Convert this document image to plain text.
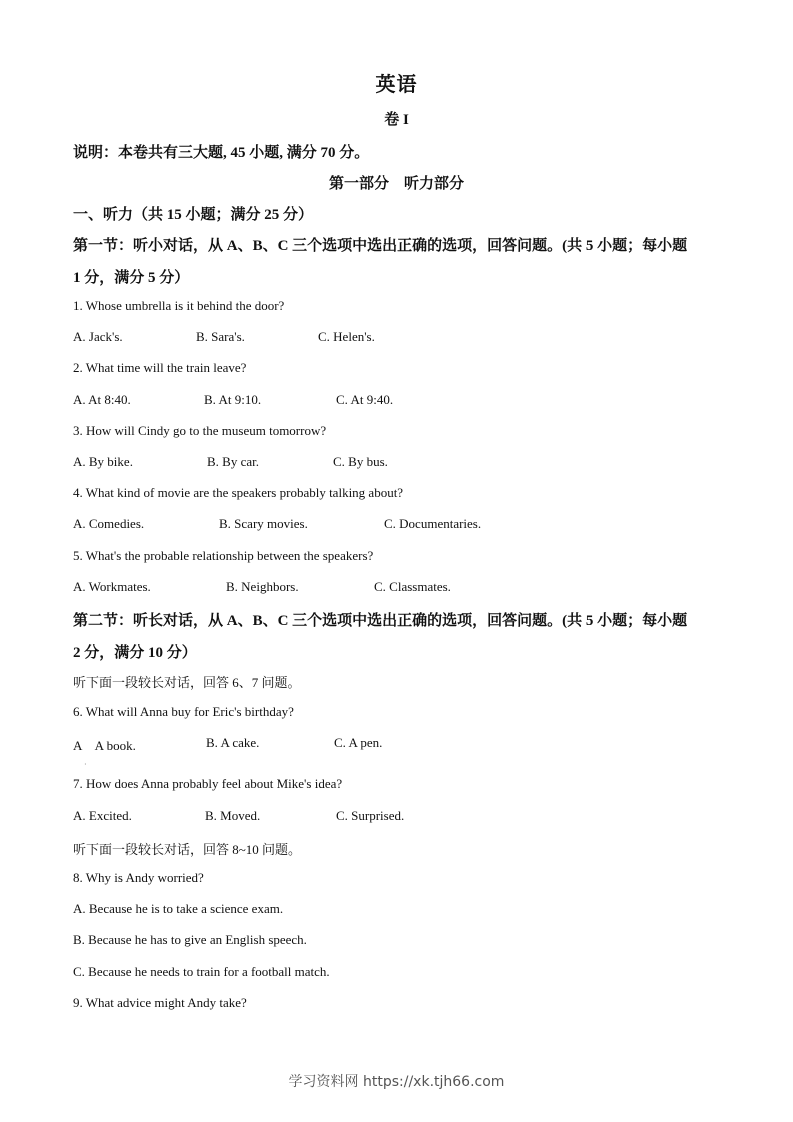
英语
卷 I
说明：本卷共有三大题, 45 小题, 满分 70 分。
第一部分　听力部分
一、听力（共 15 小题；满分 25 分）
第一节：听小对话，从 A、B、C 三个选项中选出正确的选项，回答问题。(共 5 小题；每小题
1 分，满分 5 分）
1. Whose umbrella is it behind the door?
A. Jack's.	B. Sara's.	C. Helen's.
2. What time will the train leave?
A. At 8:40.	B. At 9:10.	C. At 9:40.
3. How will Cindy go to the museum tomorrow?
A. By bike.	B. By car.	C. By bus.
4. What kind of movie are the speakers probably talking about?
A. Comedies.	B. Scary movies.	C. Documentaries.
5. What's the probable relationship between the speakers?
A. Workmates.	B. Neighbors.	C. Classmates.
第二节：听长对话，从 A、B、C 三个选项中选出正确的选项，回答问题。(共 5 小题；每小题
2 分，满分 10 分）
听下面一段较长对话，回答 6、7 问题。
6. What will Anna buy for Eric's birthday?
A　A book.	B. A cake.	C. A pen.
·
7. How does Anna probably feel about Mike's idea?
A. Excited.	B. Moved.	C. Surprised.
听下面一段较长对话，回答 8~10 问题。
8. Why is Andy worried?
A. Because he is to take a science exam.
B. Because he has to give an English speech.
C. Because he needs to train for a football match.
9. What advice might Andy take?
学习资料网 https://xk.tjh66.com
